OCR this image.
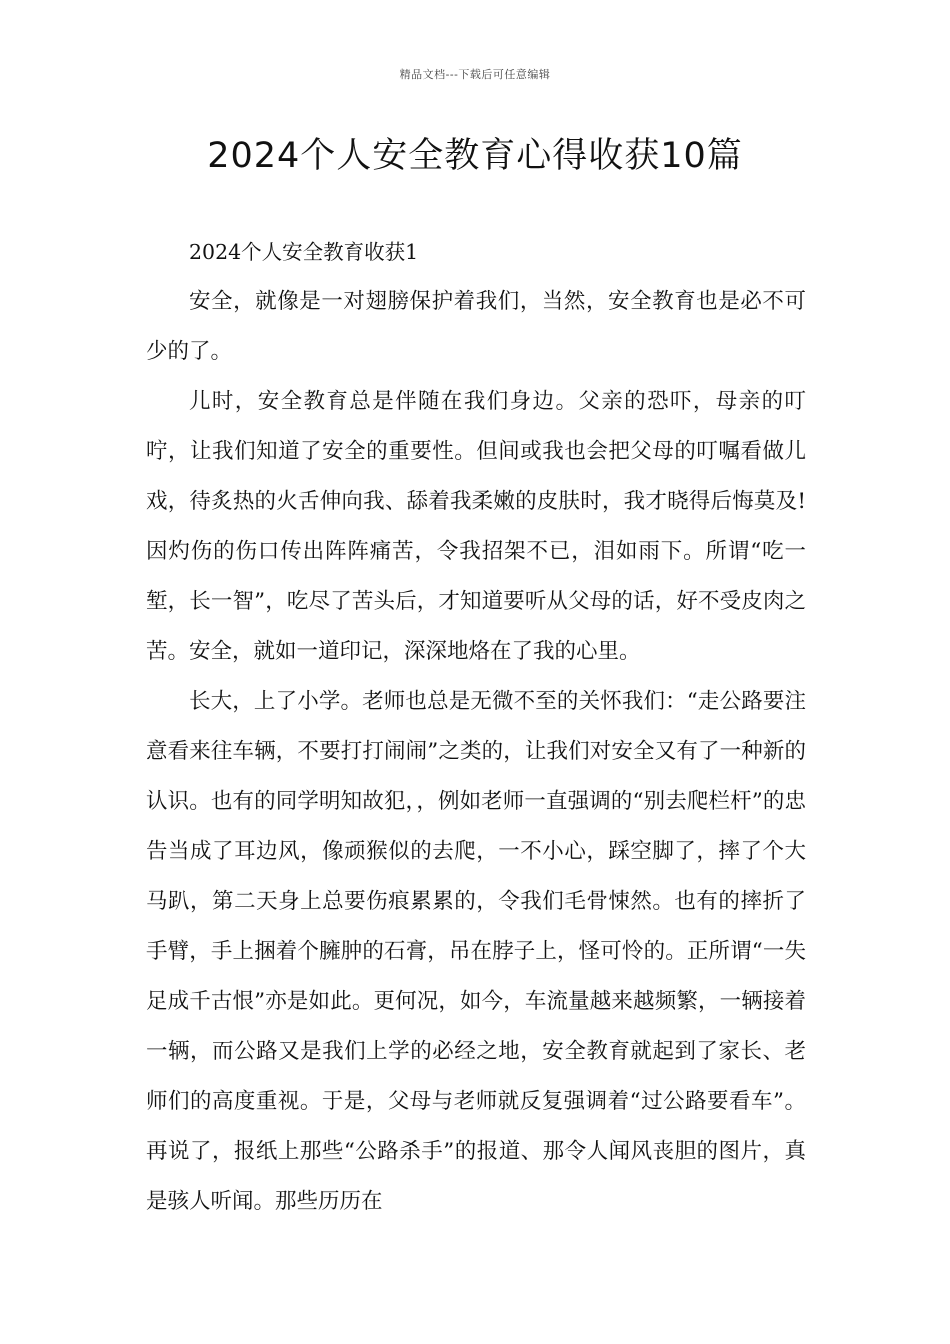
精品文档---下载后可任意编辑
2024个人安全教育心得收获10篇

2024个人安全教育收获1

安全，就像是一对翅膀保护着我们，当然，安全教育也是必不可少的了。

儿时，安全教育总是伴随在我们身边。父亲的恐吓，母亲的叮咛，让我们知道了安全的重要性。但间或我也会把父母的叮嘱看做儿戏，待炙热的火舌伸向我、舔着我柔嫩的皮肤时，我才晓得后悔莫及!因灼伤的伤口传出阵阵痛苦，令我招架不已，泪如雨下。所谓“吃一堑，长一智”，吃尽了苦头后，才知道要听从父母的话，好不受皮肉之苦。安全，就如一道印记，深深地烙在了我的心里。

长大，上了小学。老师也总是无微不至的关怀我们：“走公路要注意看来往车辆，不要打打闹闹”之类的，让我们对安全又有了一种新的认识。也有的同学明知故犯，，例如老师一直强调的“别去爬栏杆”的忠告当成了耳边风，像顽猴似的去爬，一不小心，踩空脚了，摔了个大马趴，第二天身上总要伤痕累累的，令我们毛骨悚然。也有的摔折了手臂，手上捆着个臃肿的石膏，吊在脖子上，怪可怜的。正所谓“一失足成千古恨”亦是如此。更何况，如今，车流量越来越频繁，一辆接着一辆，而公路又是我们上学的必经之地，安全教育就起到了家长、老师们的高度重视。于是，父母与老师就反复强调着“过公路要看车”。再说了，报纸上那些“公路杀手”的报道、那令人闻风丧胆的图片，真是骇人听闻。那些历历在
